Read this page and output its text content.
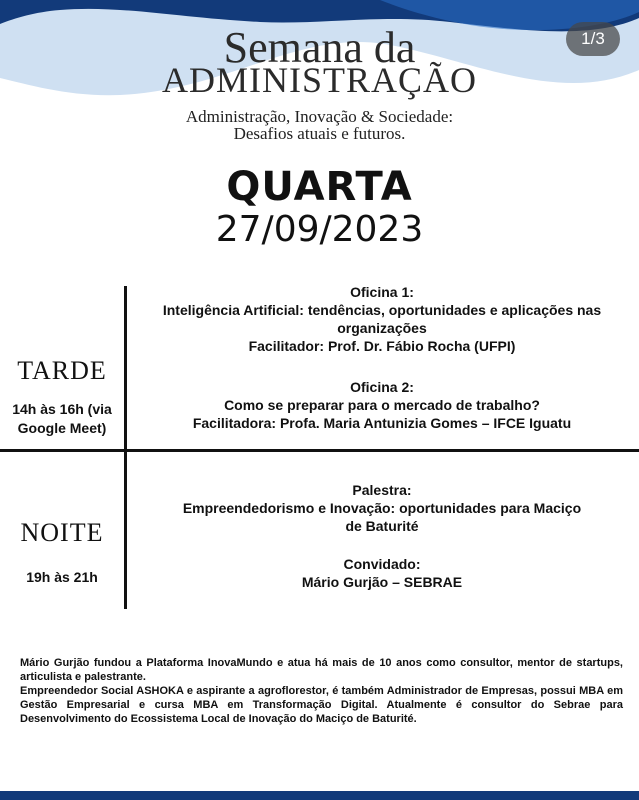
1/3
Semana da
ADMINISTRAÇÃO
Administração, Inovação & Sociedade:
Desafios atuais e futuros.
QUARTA
27/09/2023
TARDE
14h às 16h (via Google Meet)
Oficina 1:
Inteligência Artificial: tendências, oportunidades e aplicações nas organizações
Facilitador: Prof. Dr. Fábio Rocha (UFPI)
Oficina 2:
Como se preparar para o mercado de trabalho?
Facilitadora: Profa. Maria Antunizia Gomes – IFCE Iguatu
NOITE
19h às 21h
Palestra:
Empreendedorismo e Inovação: oportunidades para Maciço de Baturité
Convidado:
Mário Gurjão – SEBRAE

Mário Gurjão fundou a Plataforma InovaMundo e atua há mais de 10 anos como consultor, mentor de startups, articulista e palestrante.

Empreendedor Social ASHOKA e aspirante a agroflorestor, é também Administrador de Empresas, possui MBA em Gestão Empresarial e cursa MBA em Transformação Digital. Atualmente é consultor do Sebrae para Desenvolvimento do Ecossistema Local de Inovação do Maciço de Baturité.
